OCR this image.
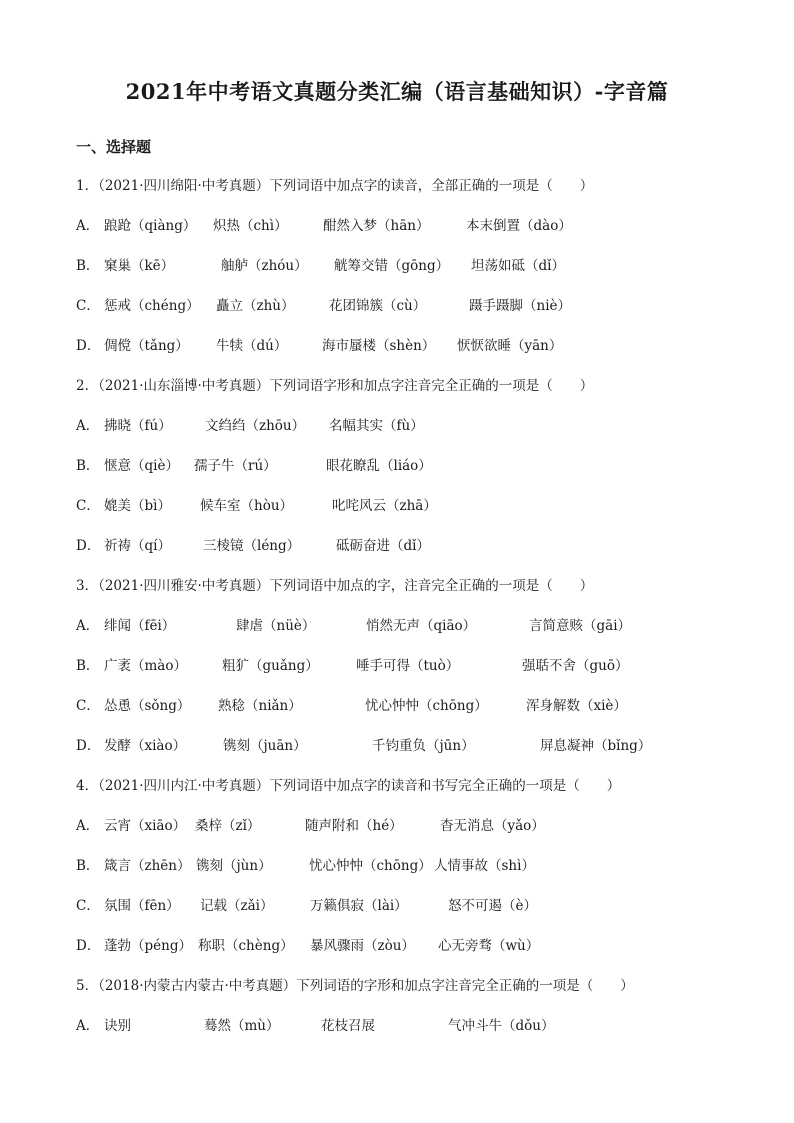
2021年中考语文真题分类汇编（语言基础知识）-字音篇
一、选择题
1．（2021·四川绵阳·中考真题）下列词语中加点字的读音，全部正确的一项是（　　）
A． 踉跄（qiàng） 炽热（chì）	酣然入梦（hān）	本末倒置（dào）
B． 窠巢（kē）	舳舻（zhóu） 觥筹交错（gōng） 坦荡如砥（dǐ）
C． 惩戒（chéng） 矗立（zhù）	花团锦簇（cù）	蹑手蹑脚（niè）
D． 倜傥（tǎng） 牛犊（dú）	海市蜃楼（shèn） 恹恹欲睡（yān）
2．（2021·山东淄博·中考真题）下列词语字形和加点字注音完全正确的一项是（　　）
A． 拂晓（fú） 文绉绉（zhōu） 名幅其实（fù）
B． 惬意（qiè） 孺子牛（rú）	眼花瞭乱（liáo）
C． 媲美（bì） 候车室（hòu）	叱咤风云（zhā）
D． 祈祷（qí） 三棱镜（léng）	砥砺奋进（dǐ）
3．（2021·四川雅安·中考真题）下列词语中加点的字，注音完全正确的一项是（　　）
A． 绯闻（fēi）	肆虐（nüè）	悄然无声（qiāo）	言简意赅（gāi）
B． 广袤（mào）	粗犷（guǎng）	唾手可得（tuò）	强聒不舍（guō）
C． 怂恿（sǒng） 熟稔（niǎn）	忧心忡忡（chōng）	浑身解数（xiè）
D． 发酵（xiào）	镌刻（juān）	千钧重负（jūn）	屏息凝神（bǐng）
4．（2021·四川内江·中考真题）下列词语中加点字的读音和书写完全正确的一项是（　　）
A． 云宵（xiāo） 桑梓（zǐ）	随声附和（hé）	杳无消息（yǎo）
B． 箴言（zhēn） 镌刻（jùn）	忧心忡忡（chōng） 人情事故（shì）
C． 氛围（fēn） 记载（zǎi）	万籁俱寂（lài）	怒不可遏（è）
D． 蓬勃（péng） 称职（chèng） 暴风骤雨（zòu） 心无旁骛（wù）
5．（2018·内蒙古内蒙古·中考真题）下列词语的字形和加点字注音完全正确的一项是（　　）
A． 诀别	蓦然（mù）	花枝召展	气冲斗牛（dǒu）
